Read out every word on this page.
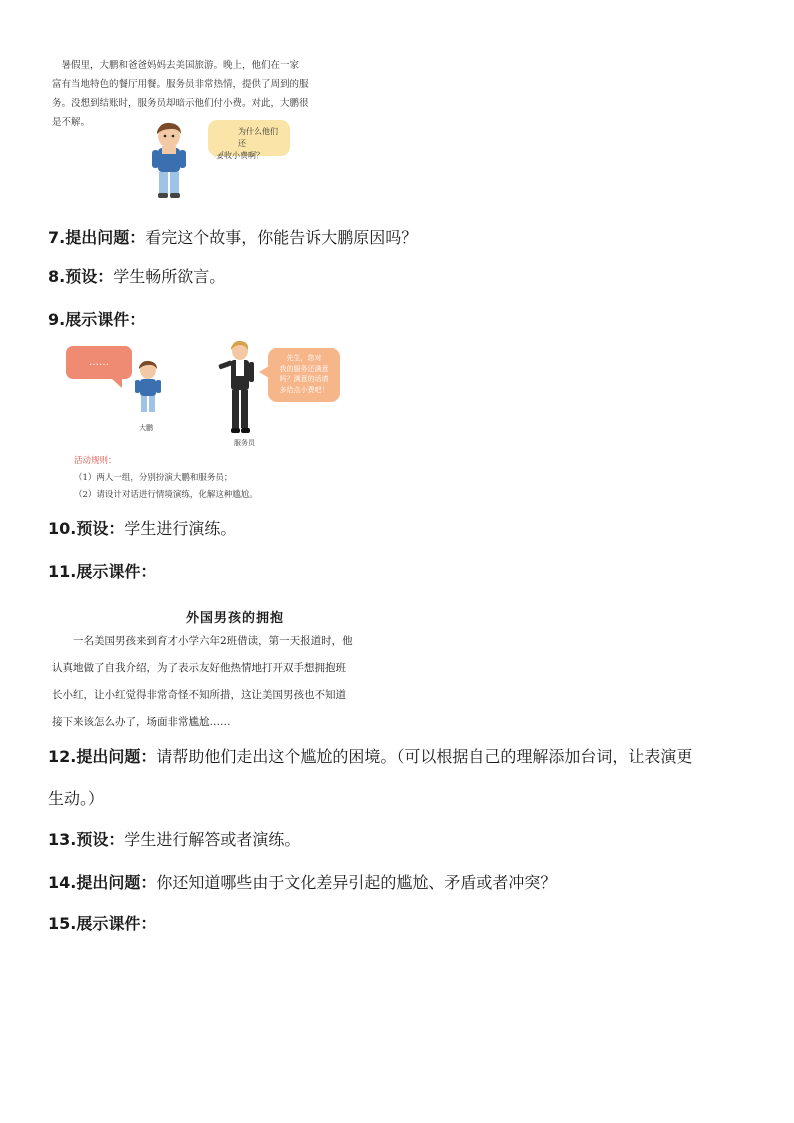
暑假里，大鹏和爸爸妈妈去美国旅游。晚上，他们在一家

富有当地特色的餐厅用餐。服务员非常热情，提供了周到的服

务。没想到结账时，服务员却暗示他们付小费。对此，大鹏很

是不解。

为什么他们还
要收小费啊？
7.提出问题：看完这个故事，你能告诉大鹏原因吗？
8.预设：学生畅所欲言。
9.展示课件：
……
大鹏
服务员
先生，您对
我的服务还满意
吗？满意的话请
多给点小费吧！
活动规则：
（1）两人一组，分别扮演大鹏和服务员；
（2）请设计对话进行情境演练，化解这种尴尬。
10.预设：学生进行演练。
11.展示课件：
外国男孩的拥抱

一名美国男孩来到育才小学六年2班借读，第一天报道时，他

认真地做了自我介绍，为了表示友好他热情地打开双手想拥抱班

长小红，让小红觉得非常奇怪不知所措，这让美国男孩也不知道

接下来该怎么办了，场面非常尴尬……

12.提出问题：请帮助他们走出这个尴尬的困境。（可以根据自己的理解添加台词，让表演更
生动。）
13.预设：学生进行解答或者演练。
14.提出问题：你还知道哪些由于文化差异引起的尴尬、矛盾或者冲突？
15.展示课件：
